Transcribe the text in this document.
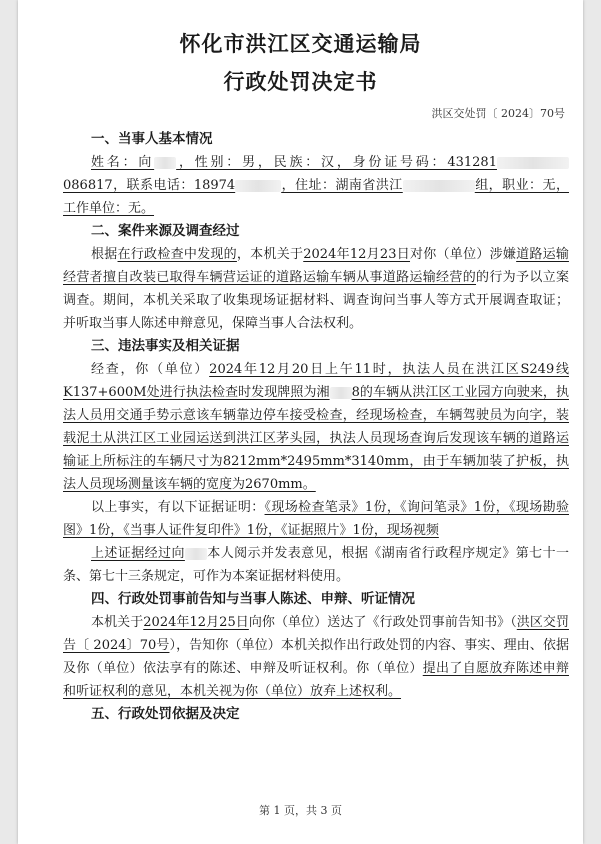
怀化市洪江区交通运输局
行政处罚决定书
洪区交处罚〔 2024〕70号

一、当事人基本情况

姓名：向 ，性别：男，民族：汉，身份证号码：431281086817，联系电话：18974	，住址：湖南省洪江	组，职业：无，工作单位：无。

二、案件来源及调查经过

根据在行政检查中发现的，本机关于2024年12月23日对你（单位）涉嫌道路运输经营者擅自改装已取得车辆营运证的道路运输车辆从事道路运输经营的的行为予以立案调查。期间，本机关采取了收集现场证据材料、调查询问当事人等方式开展调查取证；并听取当事人陈述申辩意见，保障当事人合法权利。

三、违法事实及相关证据

经查，你（单位）2024年12月20日上午11时，执法人员在洪江区S249线K137+600M处进行执法检查时发现牌照为湘 8的车辆从洪江区工业园方向驶来，执法人员用交通手势示意该车辆靠边停车接受检查，经现场检查，车辆驾驶员为向字，装载泥土从洪江区工业园运送到洪江区茅头园，执法人员现场查询后发现该车辆的道路运输证上所标注的车辆尺寸为8212mm*2495mm*3140mm，由于车辆加装了护板，执法人员现场测量该车辆的宽度为2670mm。

以上事实，有以下证据证明：《现场检查笔录》1份，《询问笔录》1份，《现场勘验图》1份，《当事人证件复印件》1份，《证据照片》1份，现场视频

上述证据经过向 本人阅示并发表意见，根据《湖南省行政程序规定》第七十一条、第七十三条规定，可作为本案证据材料使用。

四、行政处罚事前告知与当事人陈述、申辩、听证情况

本机关于2024年12月25日向你（单位）送达了《行政处罚事前告知书》（洪区交罚告〔 2024〕70号），告知你（单位）本机关拟作出行政处罚的内容、事实、理由、依据及你（单位）依法享有的陈述、申辩及听证权利。你（单位）提出了自愿放弃陈述申辩和听证权利的意见，本机关视为你（单位）放弃上述权利。

五、行政处罚依据及决定

第 1 页，共 3 页
